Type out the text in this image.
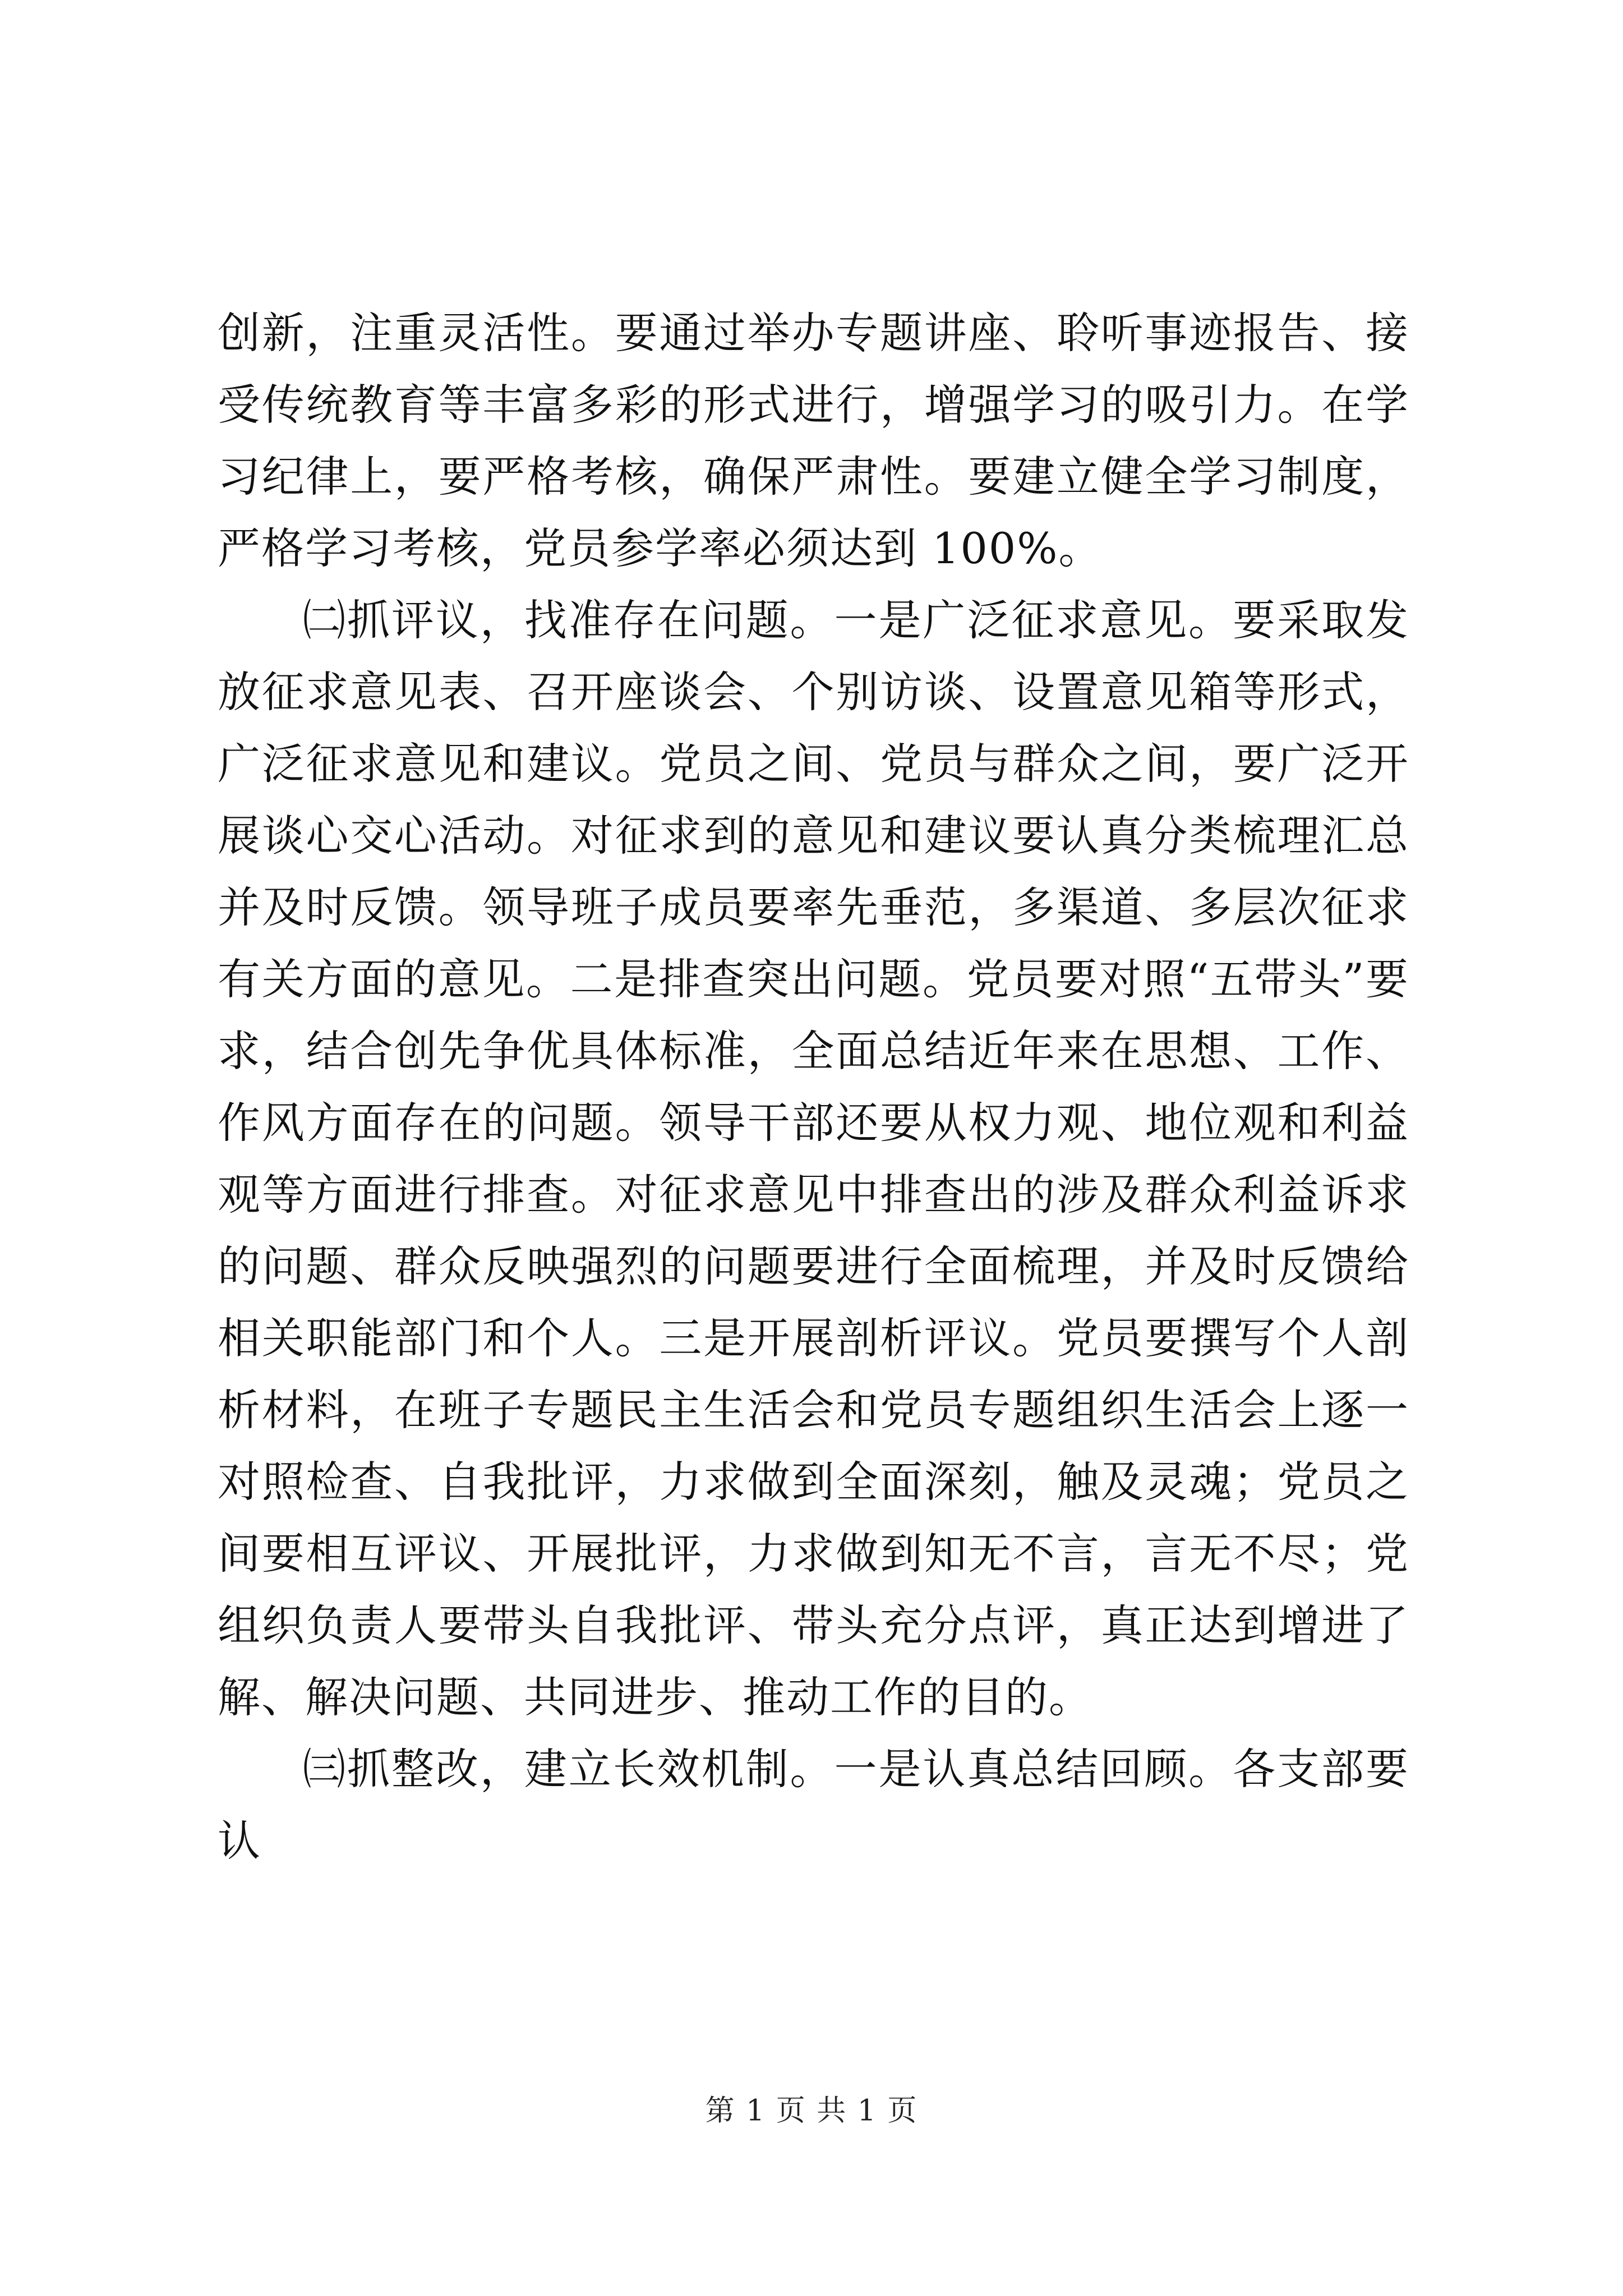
创新，注重灵活性。要通过举办专题讲座、聆听事迹报告、接受传统教育等丰富多彩的形式进行，增强学习的吸引力。在学习纪律上，要严格考核，确保严肃性。要建立健全学习制度，严格学习考核，党员参学率必须达到 100%。

㈡抓评议，找准存在问题。一是广泛征求意见。要采取发放征求意见表、召开座谈会、个别访谈、设置意见箱等形式，广泛征求意见和建议。党员之间、党员与群众之间，要广泛开展谈心交心活动。对征求到的意见和建议要认真分类梳理汇总并及时反馈。领导班子成员要率先垂范，多渠道、多层次征求有关方面的意见。二是排查突出问题。党员要对照“五带头”要求，结合创先争优具体标准，全面总结近年来在思想、工作、作风方面存在的问题。领导干部还要从权力观、地位观和利益观等方面进行排查。对征求意见中排查出的涉及群众利益诉求的问题、群众反映强烈的问题要进行全面梳理，并及时反馈给相关职能部门和个人。三是开展剖析评议。党员要撰写个人剖析材料，在班子专题民主生活会和党员专题组织生活会上逐一对照检查、自我批评，力求做到全面深刻，触及灵魂；党员之间要相互评议、开展批评，力求做到知无不言，言无不尽；党组织负责人要带头自我批评、带头充分点评，真正达到增进了解、解决问题、共同进步、推动工作的目的。

㈢抓整改，建立长效机制。一是认真总结回顾。各支部要认

第 1 页 共 1 页
